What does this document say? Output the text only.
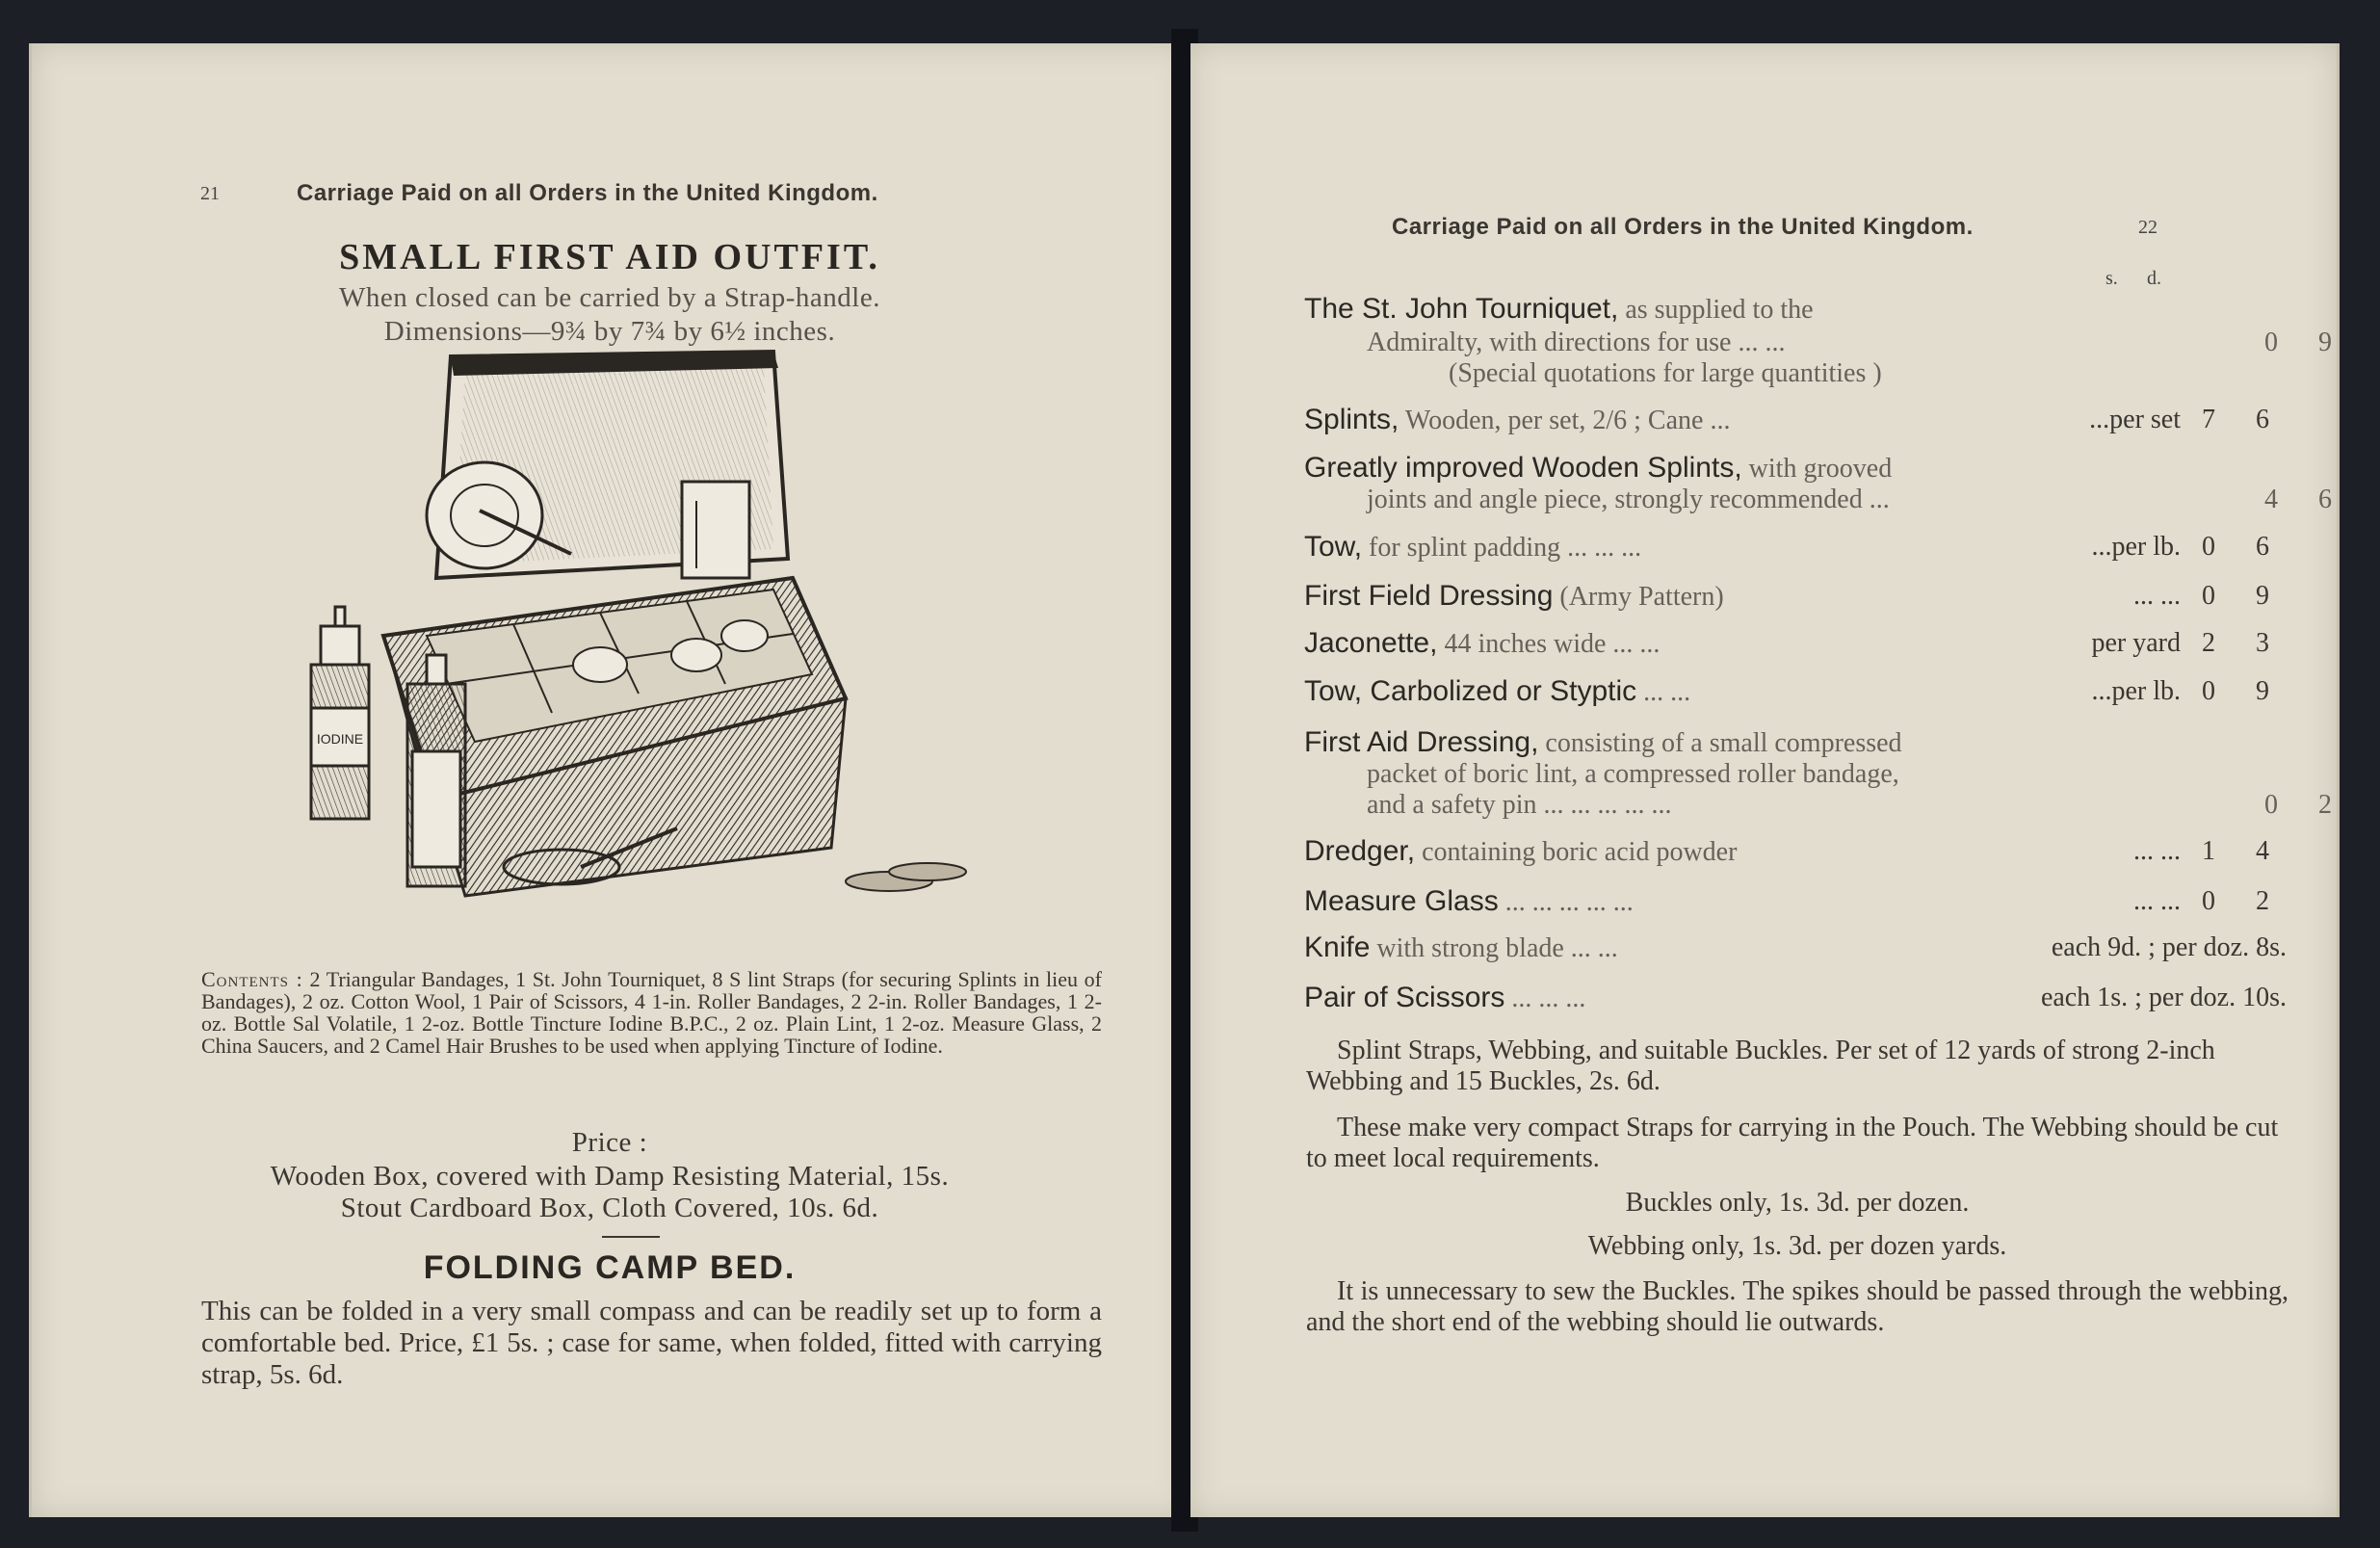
21	Carriage Paid on all Orders in the United Kingdom.
SMALL FIRST AID OUTFIT.
When closed can be carried by a Strap-handle.
Dimensions—9¾ by 7¾ by 6½ inches.
IODINE
Contents : 2 Triangular Bandages, 1 St. John Tourniquet, 8 S lint Straps (for securing Splints in lieu of Bandages), 2 oz. Cotton Wool, 1 Pair of Scissors, 4 1-in. Roller Bandages, 2 2-in. Roller Bandages, 1 2-oz. Bottle Sal Volatile, 1 2-oz. Bottle Tincture Iodine B.P.C., 2 oz. Plain Lint, 1 2-oz. Measure Glass, 2 China Saucers, and 2 Camel Hair Brushes to be used when applying Tincture of Iodine.
Price :
Wooden Box, covered with Damp Resisting Material, 15s.
Stout Cardboard Box, Cloth Covered, 10s. 6d.
FOLDING CAMP BED.
This can be folded in a very small compass and can be readily set up to form a comfortable bed. Price, £1 5s. ; case for same, when folded, fitted with carrying strap, 5s. 6d.
Carriage Paid on all Orders in the United Kingdom.	22
s. d.
The St. John Tourniquet, as supplied to the
Admiralty, with directions for use ... ...	0 9
(Special quotations for large quantities )
Splints, Wooden, per set, 2/6 ; Cane ...	...per set 7 6
Greatly improved Wooden Splints, with grooved
joints and angle piece, strongly recommended ...	4 6
Tow, for splint padding ... ... ...	...per lb. 0 6
First Field Dressing (Army Pattern)	... ... 0 9
Jaconette, 44 inches wide ... ...	per yard 2 3
Tow, Carbolized or Styptic ... ...	...per lb. 0 9
First Aid Dressing, consisting of a small compressed
packet of boric lint, a compressed roller bandage,
and a safety pin ... ... ... ... ...	0 2
Dredger, containing boric acid powder	... ... 1 4
Measure Glass ... ... ... ... ...	... ... 0 2
Knife with strong blade ... ...	each 9d. ; per doz. 8s.
Pair of Scissors ... ... ...	each 1s. ; per doz. 10s.
Splint Straps, Webbing, and suitable Buckles. Per set of 12 yards of strong 2-inch Webbing and 15 Buckles, 2s. 6d.
These make very compact Straps for carrying in the Pouch. The Webbing should be cut to meet local requirements.
Buckles only, 1s. 3d. per dozen.
Webbing only, 1s. 3d. per dozen yards.
It is unnecessary to sew the Buckles. The spikes should be passed through the webbing, and the short end of the webbing should lie outwards.
